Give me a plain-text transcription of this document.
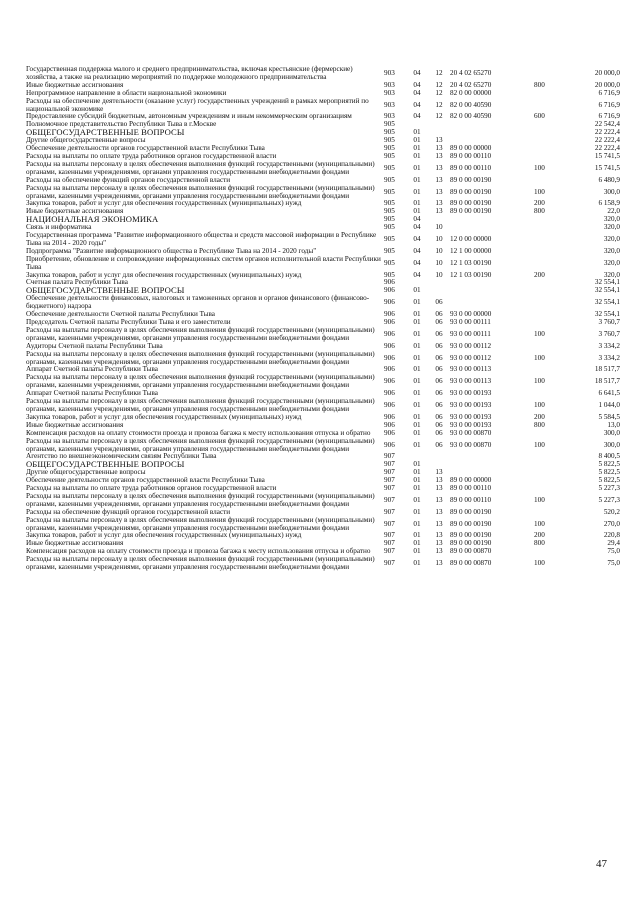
Государственная поддержка малого и среднего предпринимательства, включая крестьянские (фермерские) хозяйства, а также на реализацию мероприятий по поддержке молодежного предпринимательства	903	04	12	20 4 02 65270		20 000,0
Иные бюджетные ассигнования	903	04	12	20 4 02 65270	800	20 000,0
Непрограммное направление в области национальной экономики	903	04	12	82 0 00 00000		6 716,9
Расходы на обеспечение деятельности (оказание услуг) государственных учреждений в рамках мероприятий по национальной экономике	903	04	12	82 0 00 40590		6 716,9
Предоставление субсидий бюджетным, автономным учреждениям и иным некоммерческим организациям	903	04	12	82 0 00 40590	600	6 716,9
Полномочное представительство Республики Тыва в г.Москве	905					22 542,4
ОБЩЕГОСУДАРСТВЕННЫЕ ВОПРОСЫ	905	01				22 222,4
Другие общегосударственные вопросы	905	01	13			22 222,4
Обеспечение деятельности органов государственной власти Республики Тыва	905	01	13	89 0 00 00000		22 222,4
Расходы на выплаты по оплате труда работников органов государственной власти	905	01	13	89 0 00 00110		15 741,5
Расходы на выплаты персоналу в целях обеспечения выполнения функций государственными (муниципальными) органами, казенными учреждениями, органами управления государственными внебюджетными фондами	905	01	13	89 0 00 00110	100	15 741,5
Расходы на обеспечение функций органов государственной власти	905	01	13	89 0 00 00190		6 480,9
Расходы на выплаты персоналу в целях обеспечения выполнения функций государственными (муниципальными) органами, казенными учреждениями, органами управления государственными внебюджетными фондами	905	01	13	89 0 00 00190	100	300,0
Закупка товаров, работ и услуг для обеспечения государственных (муниципальных) нужд	905	01	13	89 0 00 00190	200	6 158,9
Иные бюджетные ассигнования	905	01	13	89 0 00 00190	800	22,0
НАЦИОНАЛЬНАЯ ЭКОНОМИКА	905	04				320,0
Связь и информатика	905	04	10			320,0
Государственная программа "Развитие информационного общества и средств массовой информации в Республике Тыва на 2014 - 2020 годы"	905	04	10	12 0 00 00000		320,0
Подпрограмма "Развитие информационного общества в Республике Тыва на 2014 - 2020 годы"	905	04	10	12 1 00 00000		320,0
Приобретение, обновление и сопровождение информационных систем органов исполнительной власти Республики Тыва	905	04	10	12 1 03 00190		320,0
Закупка товаров, работ и услуг для обеспечения государственных (муниципальных) нужд	905	04	10	12 1 03 00190	200	320,0
Счетная палата Республики Тыва	906					32 554,1
ОБЩЕГОСУДАРСТВЕННЫЕ ВОПРОСЫ	906	01				32 554,1
Обеспечение деятельности финансовых, налоговых и таможенных органов и органов финансового (финансово-бюджетного) надзора	906	01	06			32 554,1
Обеспечение деятельности Счетной палаты Республики Тыва	906	01	06	93 0 00 00000		32 554,1
Председатель Счетной палаты Республики Тыва и его заместители	906	01	06	93 0 00 00111		3 760,7
Расходы на выплаты персоналу в целях обеспечения выполнения функций государственными (муниципальными) органами, казенными учреждениями, органами управления государственными внебюджетными фондами	906	01	06	93 0 00 00111	100	3 760,7
Аудиторы Счетной палаты Республики Тыва	906	01	06	93 0 00 00112		3 334,2
Расходы на выплаты персоналу в целях обеспечения выполнения функций государственными (муниципальными) органами, казенными учреждениями, органами управления государственными внебюджетными фондами	906	01	06	93 0 00 00112	100	3 334,2
Аппарат Счетной палаты Республики Тыва	906	01	06	93 0 00 00113		18 517,7
Расходы на выплаты персоналу в целях обеспечения выполнения функций государственными (муниципальными) органами, казенными учреждениями, органами управления государственными внебюджетными фондами	906	01	06	93 0 00 00113	100	18 517,7
Аппарат Счетной палаты Республики Тыва	906	01	06	93 0 00 00193		6 641,5
Расходы на выплаты персоналу в целях обеспечения выполнения функций государственными (муниципальными) органами, казенными учреждениями, органами управления государственными внебюджетными фондами	906	01	06	93 0 00 00193	100	1 044,0
Закупка товаров, работ и услуг для обеспечения государственных (муниципальных) нужд	906	01	06	93 0 00 00193	200	5 584,5
Иные бюджетные ассигнования	906	01	06	93 0 00 00193	800	13,0
Компенсация расходов на оплату стоимости проезда и провоза багажа к месту использования отпуска и обратно	906	01	06	93 0 00 00870		300,0
Расходы на выплаты персоналу в целях обеспечения выполнения функций государственными (муниципальными) органами, казенными учреждениями, органами управления государственными внебюджетными фондами	906	01	06	93 0 00 00870	100	300,0
Агентство по внешнеэкономическим связям Республики Тыва	907					8 400,5
ОБЩЕГОСУДАРСТВЕННЫЕ ВОПРОСЫ	907	01				5 822,5
Другие общегосударственные вопросы	907	01	13			5 822,5
Обеспечение деятельности органов государственной власти Республики Тыва	907	01	13	89 0 00 00000		5 822,5
Расходы на выплаты по оплате труда работников органов государственной власти	907	01	13	89 0 00 00110		5 227,3
Расходы на выплаты персоналу в целях обеспечения выполнения функций государственными (муниципальными) органами, казенными учреждениями, органами управления государственными внебюджетными фондами	907	01	13	89 0 00 00110	100	5 227,3
Расходы на обеспечение функций органов государственной власти	907	01	13	89 0 00 00190		520,2
Расходы на выплаты персоналу в целях обеспечения выполнения функций государственными (муниципальными) органами, казенными учреждениями, органами управления государственными внебюджетными фондами	907	01	13	89 0 00 00190	100	270,0
Закупка товаров, работ и услуг для обеспечения государственных (муниципальных) нужд	907	01	13	89 0 00 00190	200	220,8
Иные бюджетные ассигнования	907	01	13	89 0 00 00190	800	29,4
Компенсация расходов на оплату стоимости проезда и провоза багажа к месту использования отпуска и обратно	907	01	13	89 0 00 00870		75,0
Расходы на выплаты персоналу в целях обеспечения выполнения функций государственными (муниципальными) органами, казенными учреждениями, органами управления государственными внебюджетными фондами	907	01	13	89 0 00 00870	100	75,0
47
